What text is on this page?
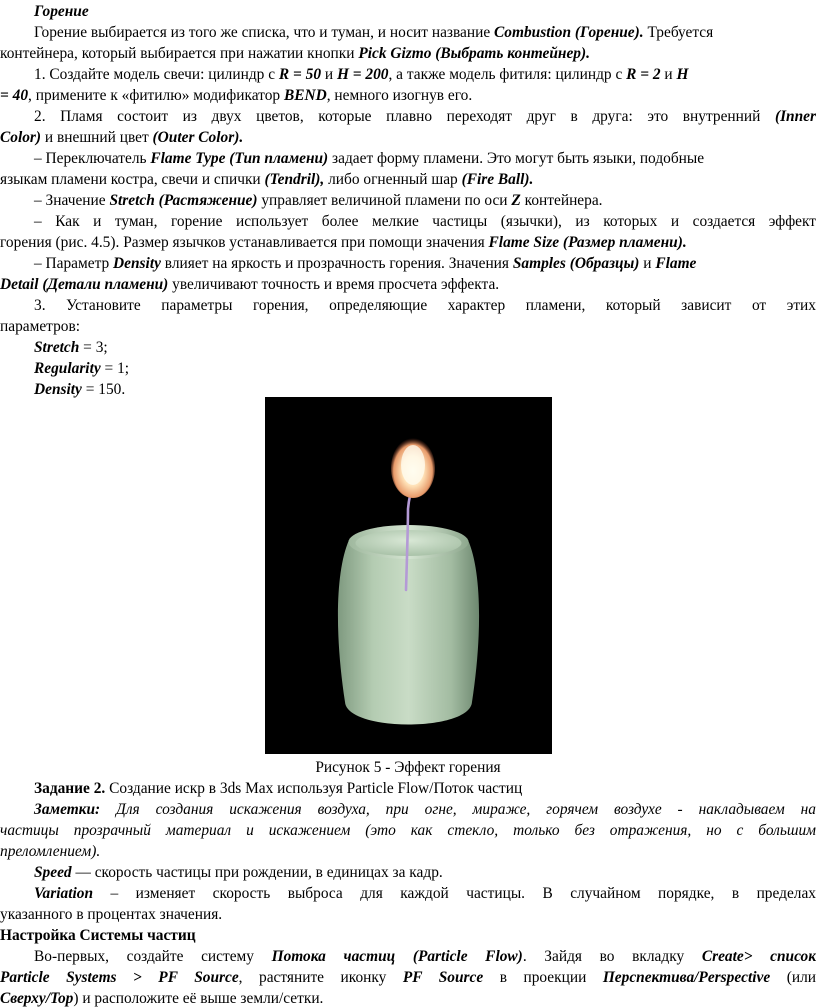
Горение
Горение выбирается из того же списка, что и туман, и носит название Combustion (Горение). Требуется
контейнера, который выбирается при нажатии кнопки Pick Gizmo (Выбрать контейнер).
1. Создайте модель свечи: цилиндр с R = 50 и H = 200, а также модель фитиля: цилиндр с R = 2 и H
= 40, примените к «фитилю» модификатор BEND, немного изогнув его.
2. Пламя состоит из двух цветов, которые плавно переходят друг в друга: это внутренний (Inner
Color) и внешний цвет (Outer Color).
– Переключатель Flame Type (Тип пламени) задает форму пламени. Это могут быть языки, подобные
языкам пламени костра, свечи и спички (Tendril), либо огненный шар (Fire Ball).
– Значение Stretch (Растяжение) управляет величиной пламени по оси Z контейнера.
– Как и туман, горение использует более мелкие частицы (язычки), из которых и создается эффект
горения (рис. 4.5). Размер язычков устанавливается при помощи значения Flame Size (Размер пламени).
– Параметр Density влияет на яркость и прозрачность горения. Значения Samples (Образцы) и Flame
Detail (Детали пламени) увеличивают точность и время просчета эффекта.
3. Установите параметры горения, определяющие характер пламени, который зависит от этих
параметров:
Stretch = 3;
Regularity = 1;
Density = 150.
Рисунок 5 - Эффект горения
Задание 2. Создание искр в 3ds Max используя Particle Flow/Поток частиц
Заметки: Для создания искажения воздуха, при огне, мираже, горячем воздухе - накладываем на
частицы прозрачный материал и искажением (это как стекло, только без отражения, но с большим
преломлением).
Speed — скорость частицы при рождении, в единицах за кадр.
Variation – изменяет скорость выброса для каждой частицы. В случайном порядке, в пределах
указанного в процентах значения.
Настройка Системы частиц
Во-первых, создайте систему Потока частиц (Particle Flow). Зайдя во вкладку Create> список
Particle Systems > PF Source, растяните иконку PF Source в проекции Перспектива/Perspective (или
Сверху/Top) и расположите её выше земли/сетки.
